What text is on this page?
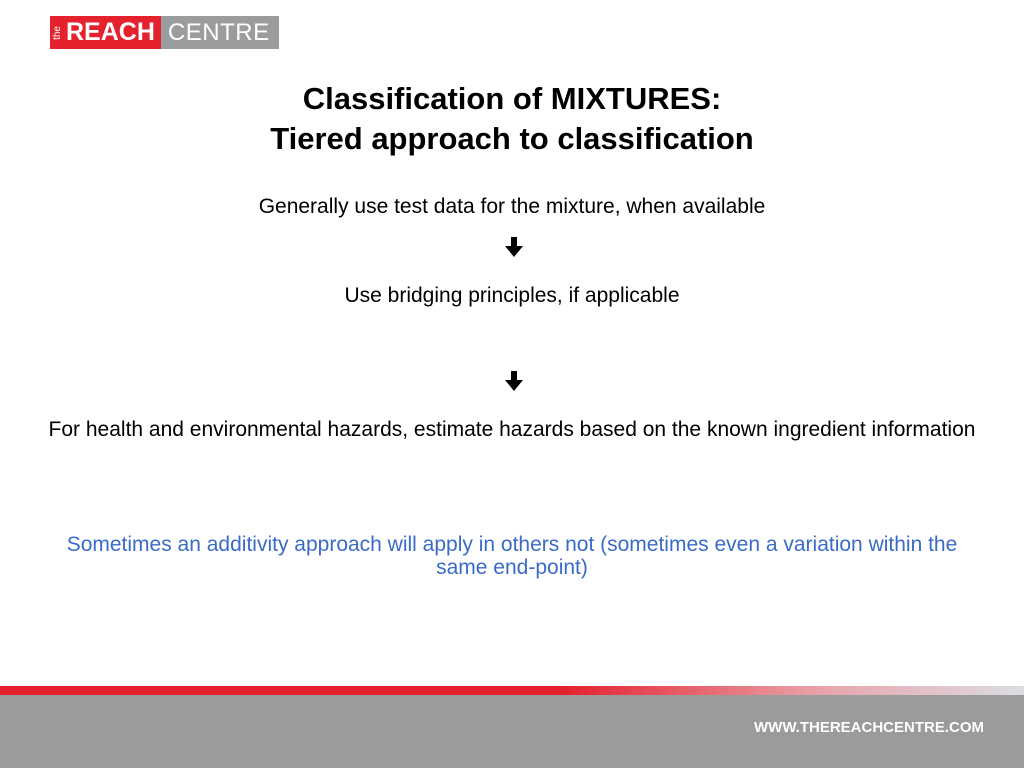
the REACH CENTRE
Classification of MIXTURES:
Tiered approach to classification

Generally use test data for the mixture, when available

Use bridging principles, if applicable

For health and environmental hazards, estimate hazards based on the known ingredient information

Sometimes an additivity approach will apply in others not (sometimes even a variation within the same end-point)

WWW.THEREACHCENTRE.COM
